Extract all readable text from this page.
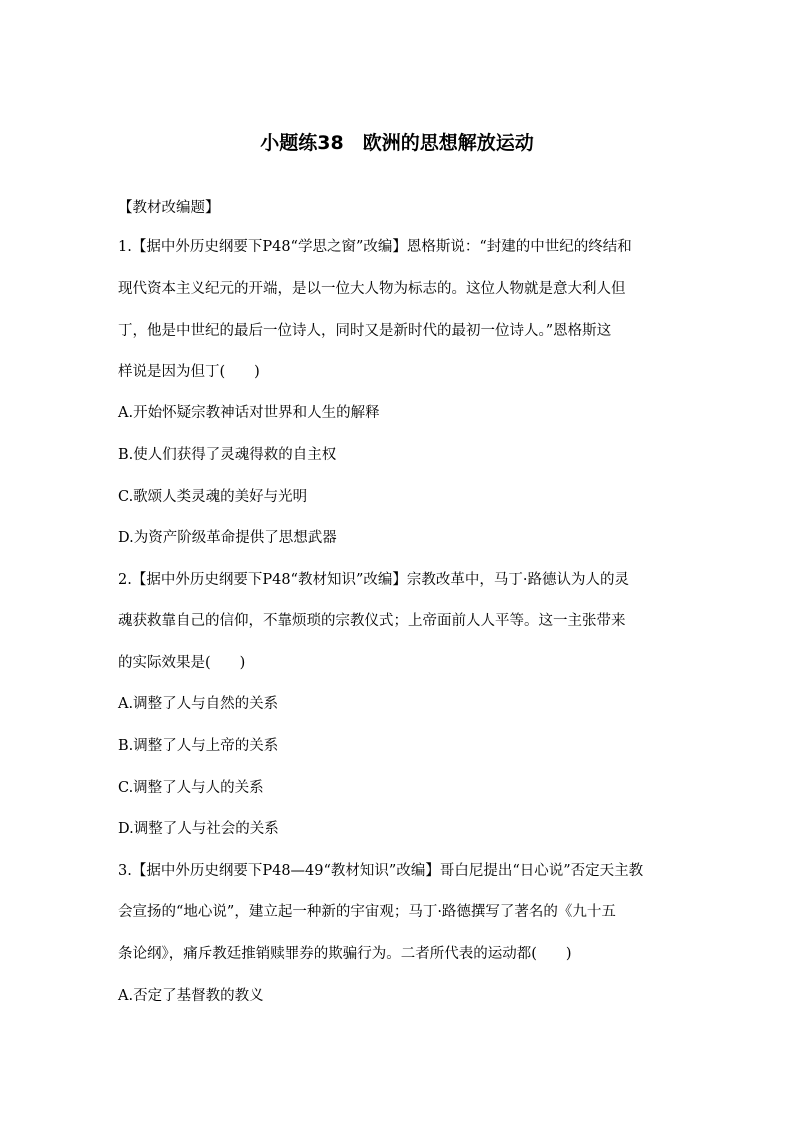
小题练38　欧洲的思想解放运动
【教材改编题】
1.【据中外历史纲要下P48“学思之窗”改编】恩格斯说：“封建的中世纪的终结和
现代资本主义纪元的开端，是以一位大人物为标志的。这位人物就是意大利人但
丁，他是中世纪的最后一位诗人，同时又是新时代的最初一位诗人。”恩格斯这
样说是因为但丁(　　)
A.开始怀疑宗教神话对世界和人生的解释
B.使人们获得了灵魂得救的自主权
C.歌颂人类灵魂的美好与光明
D.为资产阶级革命提供了思想武器
2.【据中外历史纲要下P48“教材知识”改编】宗教改革中，马丁·路德认为人的灵
魂获救靠自己的信仰，不靠烦琐的宗教仪式；上帝面前人人平等。这一主张带来
的实际效果是(　　)
A.调整了人与自然的关系
B.调整了人与上帝的关系
C.调整了人与人的关系
D.调整了人与社会的关系
3.【据中外历史纲要下P48—49“教材知识”改编】哥白尼提出“日心说”否定天主教
会宣扬的“地心说”，建立起一种新的宇宙观；马丁·路德撰写了著名的《九十五
条论纲》，痛斥教廷推销赎罪券的欺骗行为。二者所代表的运动都(　　)
A.否定了基督教的教义
